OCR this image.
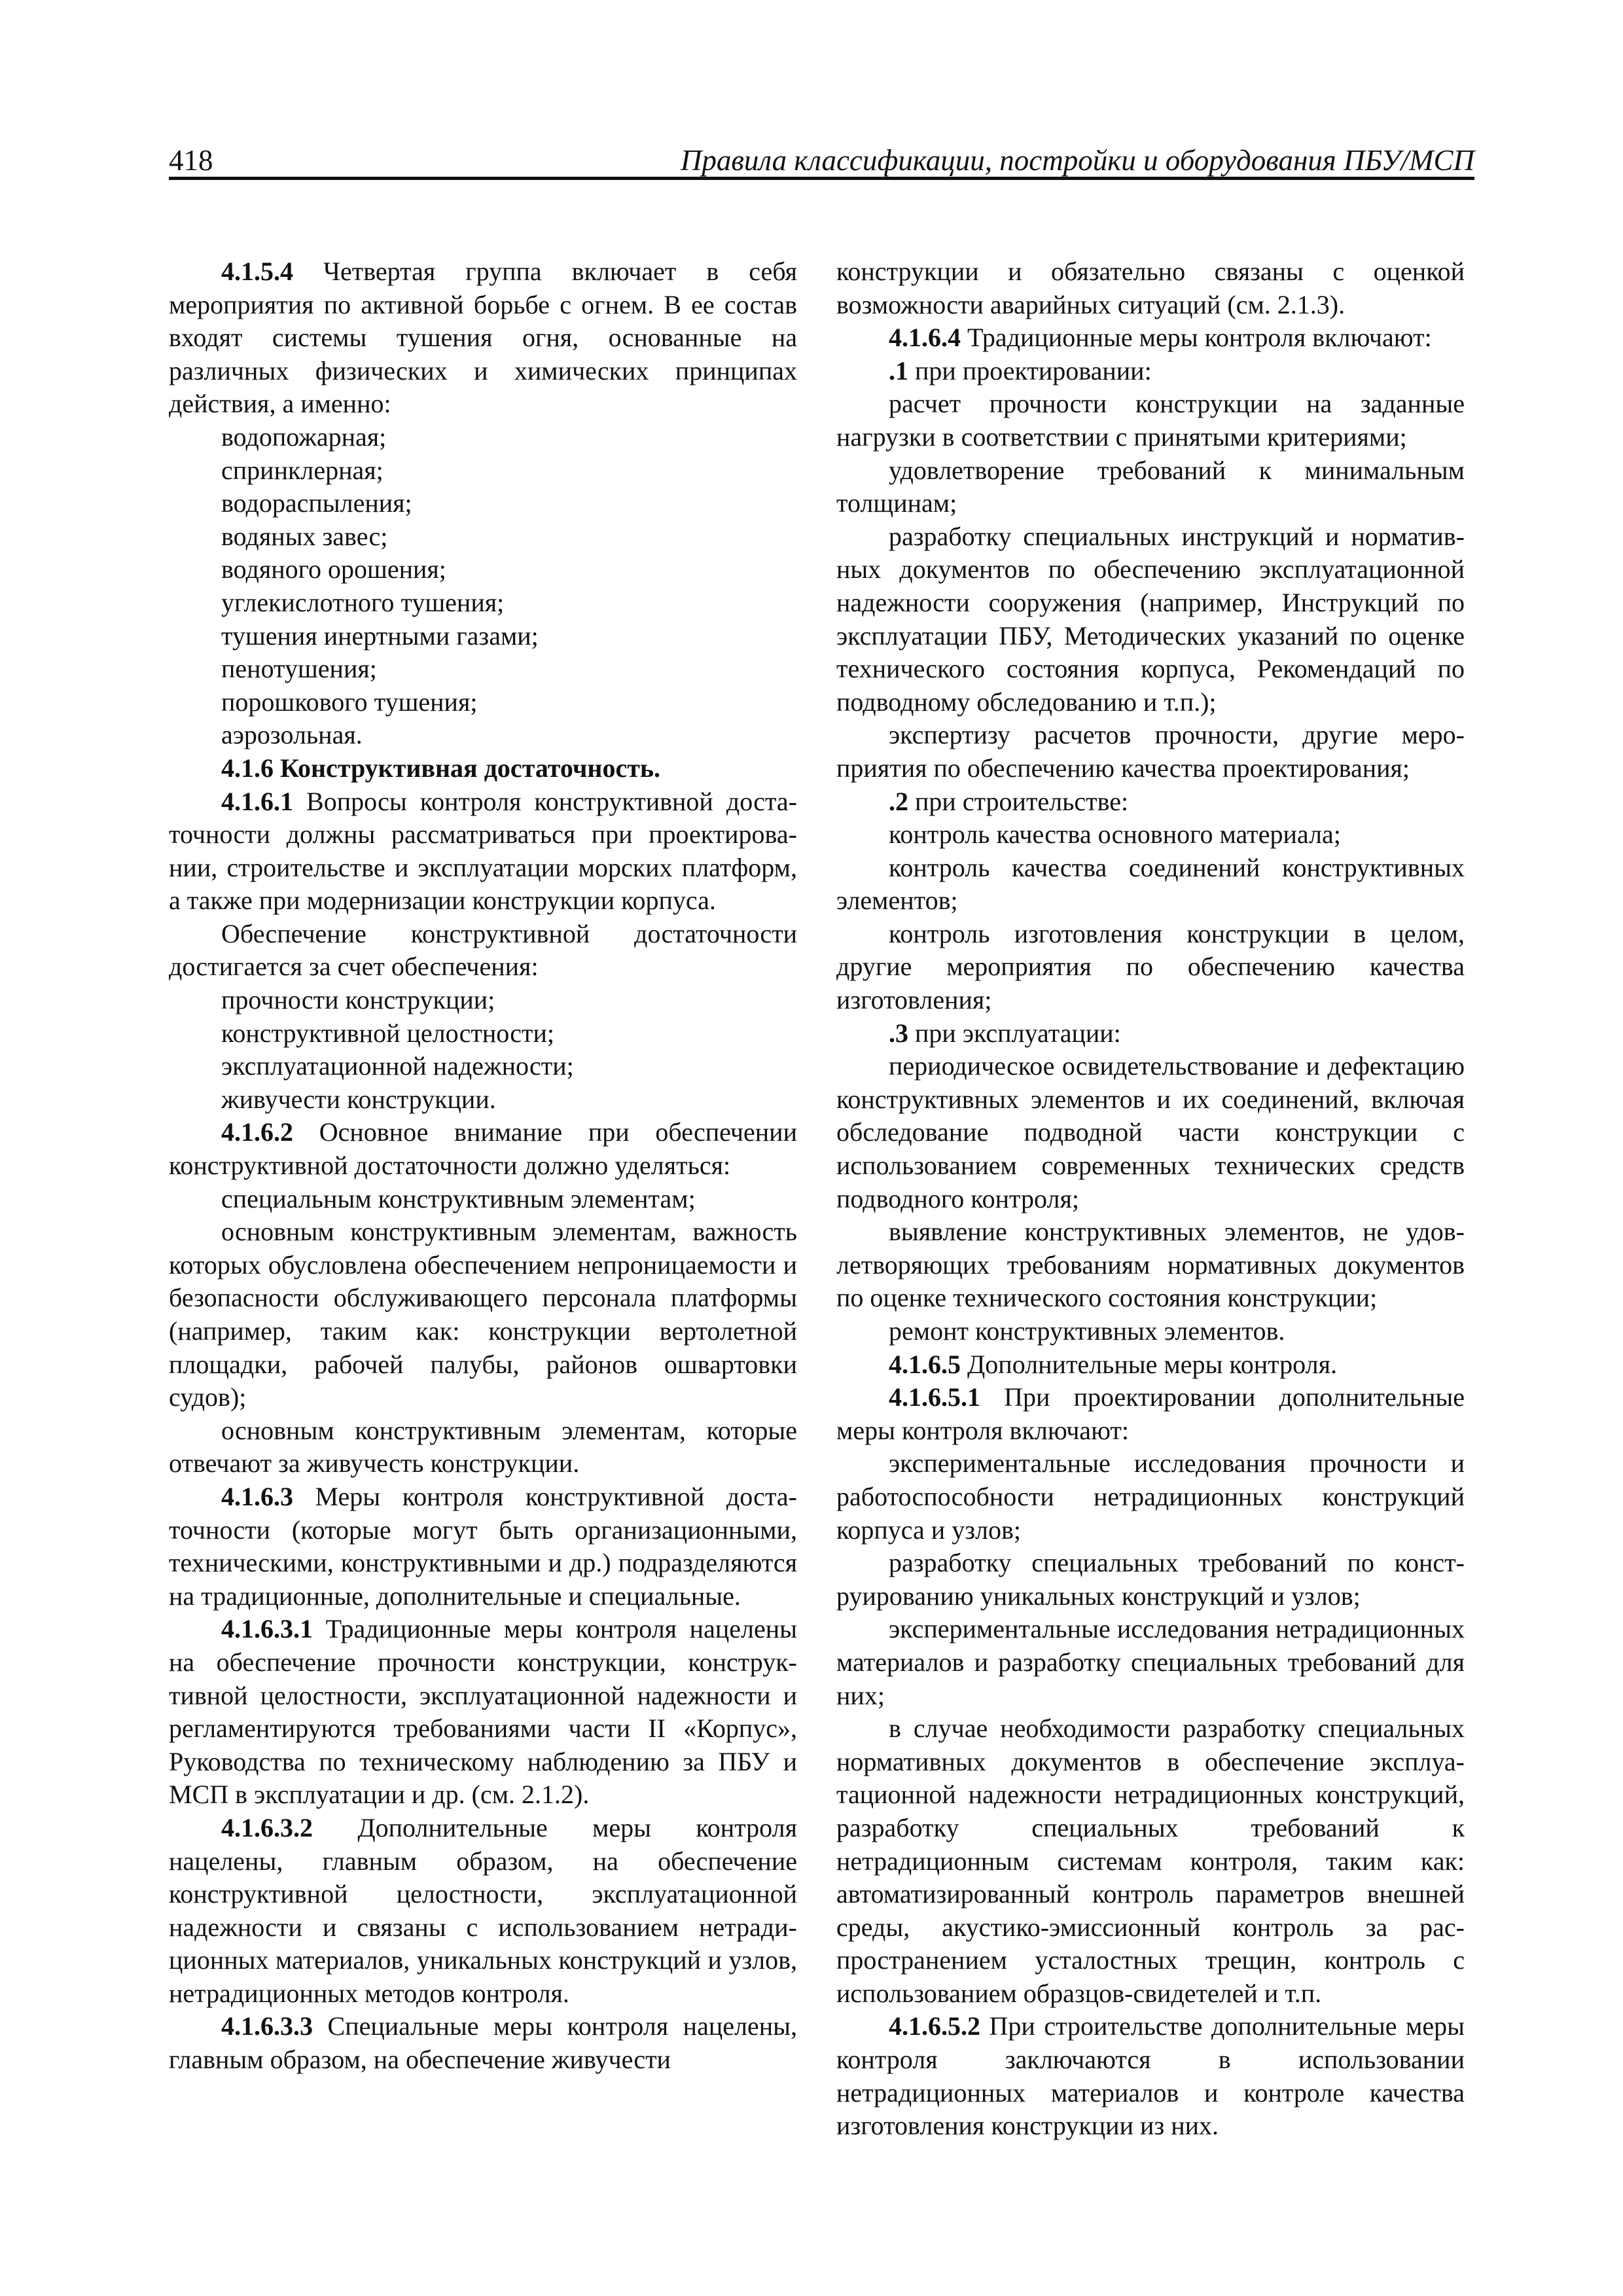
418	Правила классификации, постройки и оборудования ПБУ/МСП

4.1.5.4 Четвертая группа включает в себя мероприятия по активной борьбе с огнем. В ее состав входят системы тушения огня, основанные на различных физических и химических принципах действия, а именно:

водопожарная;

спринклерная;

водораспыления;

водяных завес;

водяного орошения;

углекислотного тушения;

тушения инертными газами;

пенотушения;

порошкового тушения;

аэрозольная.

4.1.6 Конструктивная достаточность.

4.1.6.1 Вопросы контроля конструктивной достаточности должны рассматриваться при проектировании, строительстве и эксплуатации морских платформ, а также при модернизации конструкции корпуса.

Обеспечение конструктивной достаточности достигается за счет обеспечения:

прочности конструкции;

конструктивной целостности;

эксплуатационной надежности;

живучести конструкции.

4.1.6.2 Основное внимание при обеспечении конструктивной достаточности должно уделяться:

специальным конструктивным элементам;

основным конструктивным элементам, важность которых обусловлена обеспечением непроницаемости и безопасности обслуживающего персонала платформы (например, таким как: конструкции вертолетной площадки, рабочей палубы, районов ошвартовки судов);

основным конструктивным элементам, которые отвечают за живучесть конструкции.

4.1.6.3 Меры контроля конструктивной достаточности (которые могут быть организационными, техническими, конструктивными и др.) подразделяются на традиционные, дополнительные и специальные.

4.1.6.3.1 Традиционные меры контроля нацелены на обеспечение прочности конструкции, конструктивной целостности, эксплуатационной надежности и регламентируются требованиями части II «Корпус», Руководства по техническому наблюдению за ПБУ и МСП в эксплуатации и др. (см. 2.1.2).

4.1.6.3.2 Дополнительные меры контроля нацелены, главным образом, на обеспечение конструктивной целостности, эксплуатационной надежности и связаны с использованием нетрадиционных материалов, уникальных конструкций и узлов, нетрадиционных методов контроля.

4.1.6.3.3 Специальные меры контроля нацелены, главным образом, на обеспечение живучести

конструкции и обязательно связаны с оценкой возможности аварийных ситуаций (см. 2.1.3).

4.1.6.4 Традиционные меры контроля включают:

.1 при проектировании:

расчет прочности конструкции на заданные нагрузки в соответствии с принятыми критериями;

удовлетворение требований к минимальным толщинам;

разработку специальных инструкций и нормативных документов по обеспечению эксплуатационной надежности сооружения (например, Инструкций по эксплуатации ПБУ, Методических указаний по оценке технического состояния корпуса, Рекомендаций по подводному обследованию и т.п.);

экспертизу расчетов прочности, другие мероприятия по обеспечению качества проектирования;

.2 при строительстве:

контроль качества основного материала;

контроль качества соединений конструктивных элементов;

контроль изготовления конструкции в целом, другие мероприятия по обеспечению качества изготовления;

.3 при эксплуатации:

периодическое освидетельствование и дефектацию конструктивных элементов и их соединений, включая обследование подводной части конструкции с использованием современных технических средств подводного контроля;

выявление конструктивных элементов, не удовлетворяющих требованиям нормативных документов по оценке технического состояния конструкции;

ремонт конструктивных элементов.

4.1.6.5 Дополнительные меры контроля.

4.1.6.5.1 При проектировании дополнительные меры контроля включают:

экспериментальные исследования прочности и работоспособности нетрадиционных конструкций корпуса и узлов;

разработку специальных требований по конструированию уникальных конструкций и узлов;

экспериментальные исследования нетрадиционных материалов и разработку специальных требований для них;

в случае необходимости разработку специальных нормативных документов в обеспечение эксплуатационной надежности нетрадиционных конструкций, разработку специальных требований к нетрадиционным системам контроля, таким как: автоматизированный контроль параметров внешней среды, акустико-эмиссионный контроль за распространением усталостных трещин, контроль с использованием образцов-свидетелей и т.п.

4.1.6.5.2 При строительстве дополнительные меры контроля заключаются в использовании нетрадиционных материалов и контроле качества изготовления конструкции из них.
